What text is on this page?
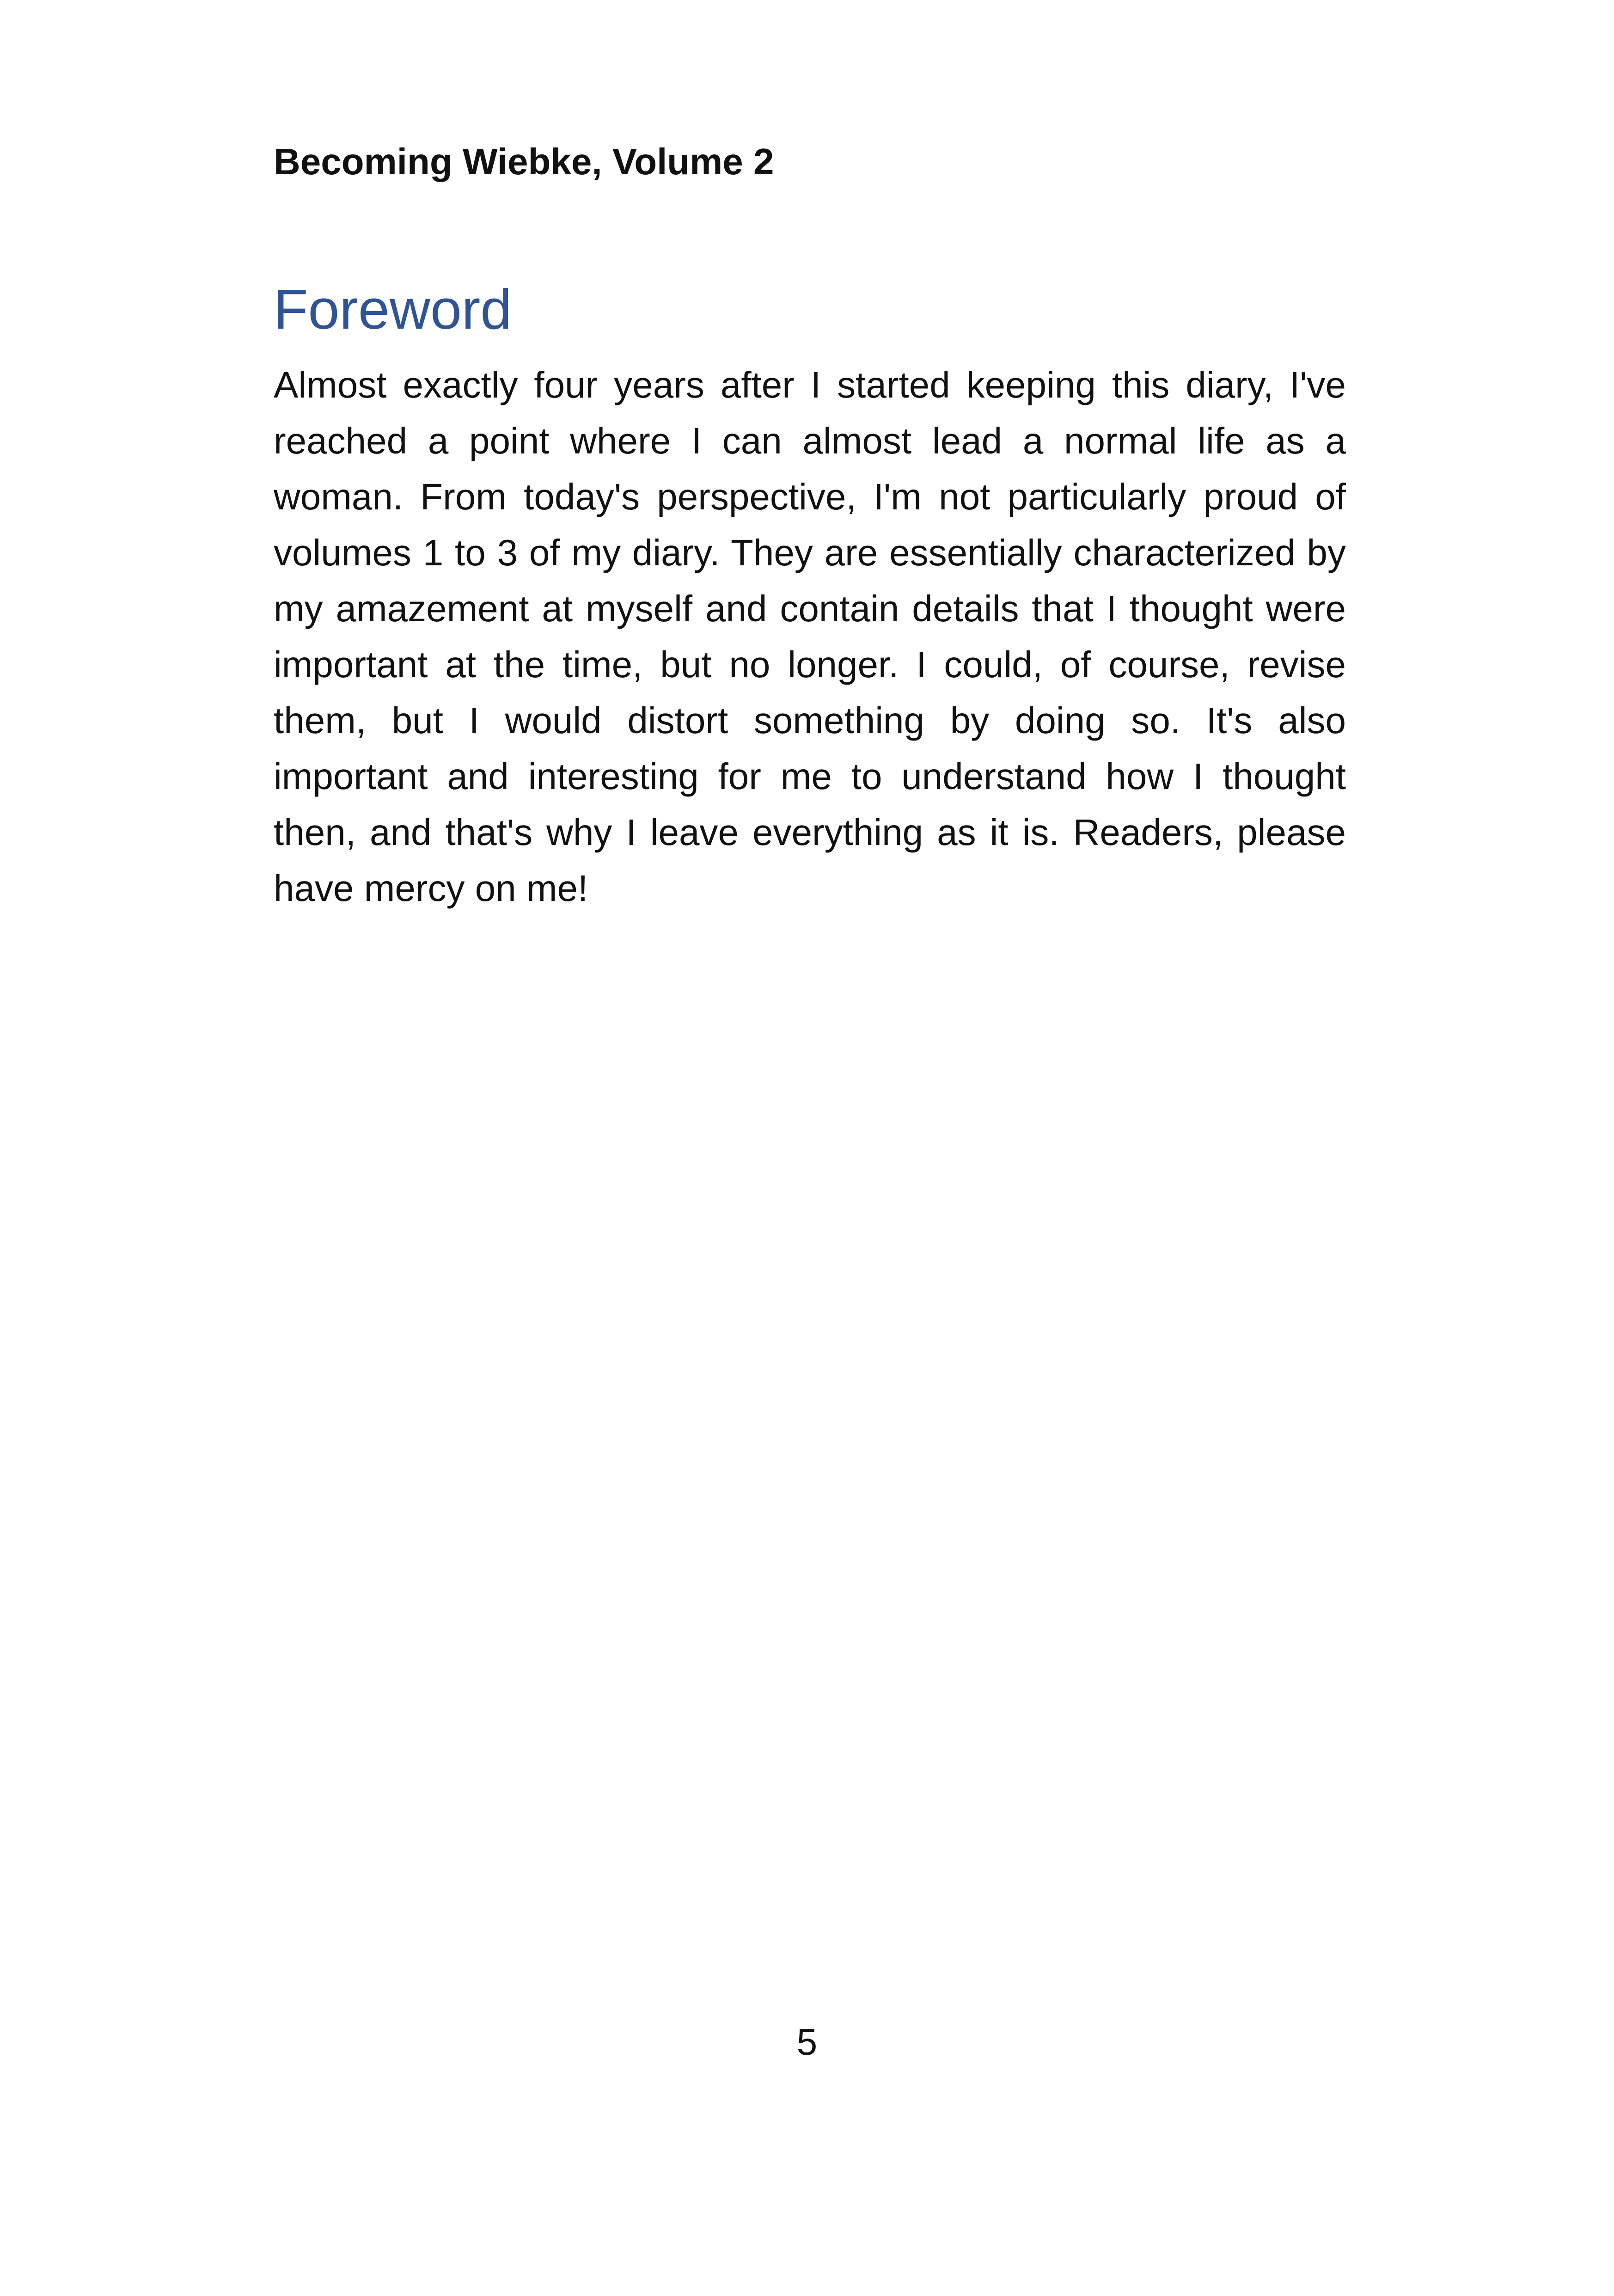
Becoming Wiebke, Volume 2

Foreword

Almost exactly four years after I started keeping this diary, I've reached a point where I can almost lead a normal life as a woman. From today's perspective, I'm not particularly proud of volumes 1 to 3 of my diary. They are essentially characterized by my amazement at myself and contain details that I thought were important at the time, but no longer. I could, of course, revise them, but I would distort something by doing so. It's also important and interesting for me to understand how I thought then, and that's why I leave everything as it is. Readers, please have mercy on me!

5
